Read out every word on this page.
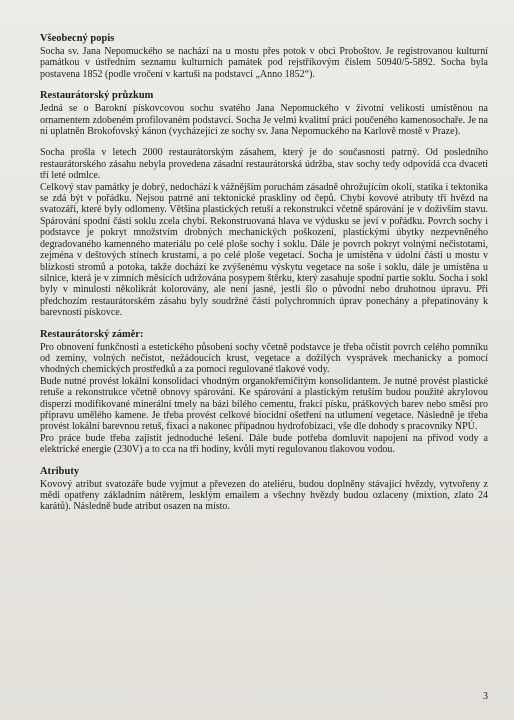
Všeobecný popis

Socha sv. Jana Nepomuckého se nachází na u mostu přes potok v obci Proboštov. Je registrovanou kulturní památkou v ústředním seznamu kulturních památek pod rejstříkovým číslem 50940/5-5892. Socha byla postavena 1852 (podle vročení v kartuši na podstavci „Anno 1852“).

Restaurátorský průzkum

Jedná se o Barokní pískovcovou sochu svatého Jana Nepomuckého v životní velikosti umístěnou na ornamentem zdobeném profilovaném podstavci. Socha Je velmi kvalitní práci poučeného kamenosochaře. Je na ní uplatněn Brokofovský kánon (vycházející ze sochy sv. Jana Nepomuckého na Karlově mostě v Praze).

Socha prošla v letech 2000 restaurátorským zásahem, který je do současnosti patrný. Od posledního restaurátorského zásahu nebyla provedena zásadní restaurátorská údržba, stav sochy tedy odpovídá cca dvaceti tří leté odmlce.

Celkový stav památky je dobrý, nedochází k vážnějším poruchám zásadně ohrožujícím okolí, statika i tektonika se zdá být v pořádku. Nejsou patrné ani tektonické praskliny od čepů. Chybí kovové atributy tří hvězd na svatozáři, které byly odlomeny. Většina plastických retuší a rekonstrukcí včetně spárování je v doživším stavu. Spárování spodní části soklu zcela chybí. Rekonstruovaná hlava ve výdusku se jeví v pořádku. Povrch sochy i podstavce je pokryt množstvím drobných mechanických poškození, plastickými úbytky nezpevněného degradovaného kamenného materiálu po celé ploše sochy i soklu. Dále je povrch pokryt volnými nečistotami, zejména v deštových stínech krustami, a po celé ploše vegetací. Socha je umístěna v údolní části u mostu v blízkosti stromů a potoka, takže dochází ke zvýšenému výskytu vegetace na soše i soklu, dále je umístěna u silnice, která je v zimních měsících udržována posypem štěrku, který zasahuje spodní partie soklu. Socha i sokl byly v minulosti několikrát kolorovány, ale není jasné, jestli šlo o původní nebo druhotnou úpravu. Při předchozím restaurátorském zásahu byly soudržné části polychromních úprav ponechány a přepatinovány k barevnosti pískovce.

Restaurátorský záměr:

Pro obnovení funkčnosti a estetického působení sochy včetně podstavce je třeba očistit povrch celého pomníku od zeminy, volných nečistot, nežádoucích krust, vegetace a dožilých vysprávek mechanicky a pomocí vhodných chemických prostředků a za pomoci regulované tlakové vody.

Bude nutné provést lokální konsolidaci vhodným organokřemičitým konsolidantem. Je nutné provést plastické retuše a rekonstrukce včetně obnovy spárování. Ke spárování a plastickým retuším budou použité akrylovou disperzí modifikované minerální tmely na bázi bílého cementu, frakcí písku, práškových barev nebo směsí pro přípravu umělého kamene. Je třeba provést celkové biocidní ošetření na utlumení vegetace. Následně je třeba provést lokální barevnou retuš, fixaci a nakonec případnou hydrofobizaci, vše dle dohody s pracovníky NPÚ.

Pro práce bude třeba zajistit jednoduché lešení. Dále bude potřeba domluvit napojení na přívod vody a elektrické energie (230V) a to cca na tři hodiny, kvůli mytí regulovanou tlakovou vodou.

Atributy

Kovový atribut svatozáře bude vyjmut a převezen do ateliéru, budou doplněny stávající hvězdy, vytvořeny z mědi opatřeny základním nátěrem, lesklým emailem a všechny hvězdy budou ozlaceny (mixtion, zlato 24 karátů). Následně bude atribut osazen na místo.

3
